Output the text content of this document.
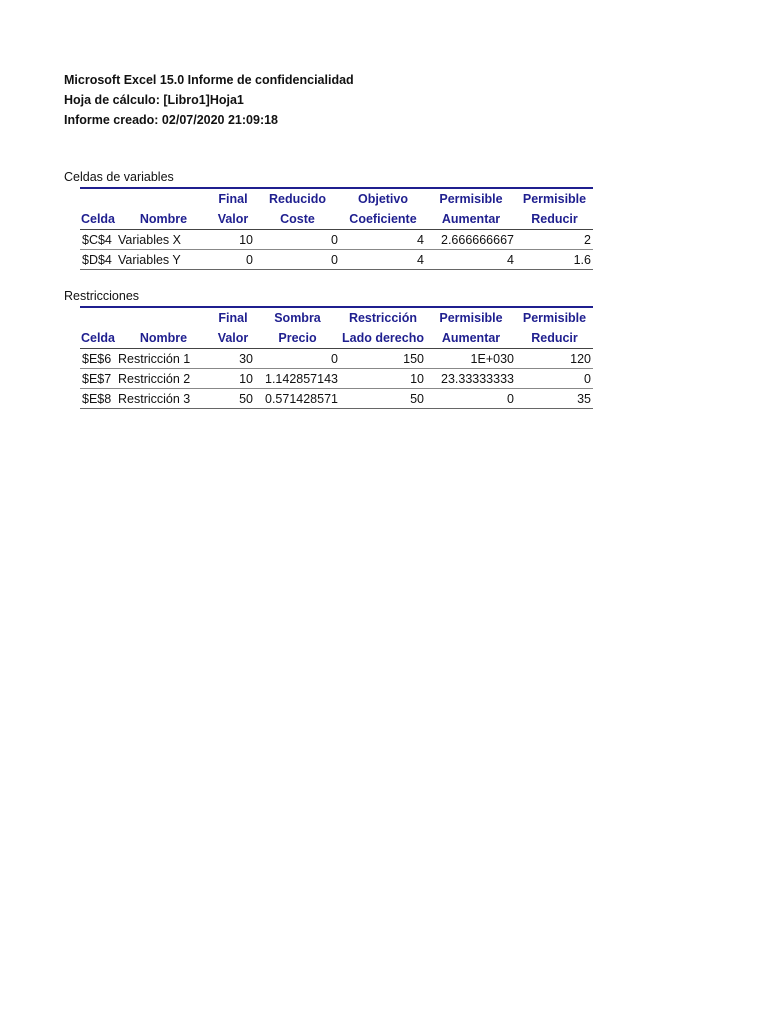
Microsoft Excel 15.0 Informe de confidencialidad
Hoja de cálculo: [Libro1]Hoja1
Informe creado: 02/07/2020 21:09:18
Celdas de variables
		Final	Reducido	Objetivo	Permisible	Permisible
Celda	Nombre	Valor	Coste	Coeficiente	Aumentar	Reducir
$C$4	Variables X	10	0	4	2.666666667	2
$D$4	Variables Y	0	0	4	4	1.6
Restricciones
		Final	Sombra	Restricción	Permisible	Permisible
Celda	Nombre	Valor	Precio	Lado derecho	Aumentar	Reducir
$E$6	Restricción 1	30	0	150	1E+030	120
$E$7	Restricción 2	10	1.142857143	10	23.33333333	0
$E$8	Restricción 3	50	0.571428571	50	0	35
